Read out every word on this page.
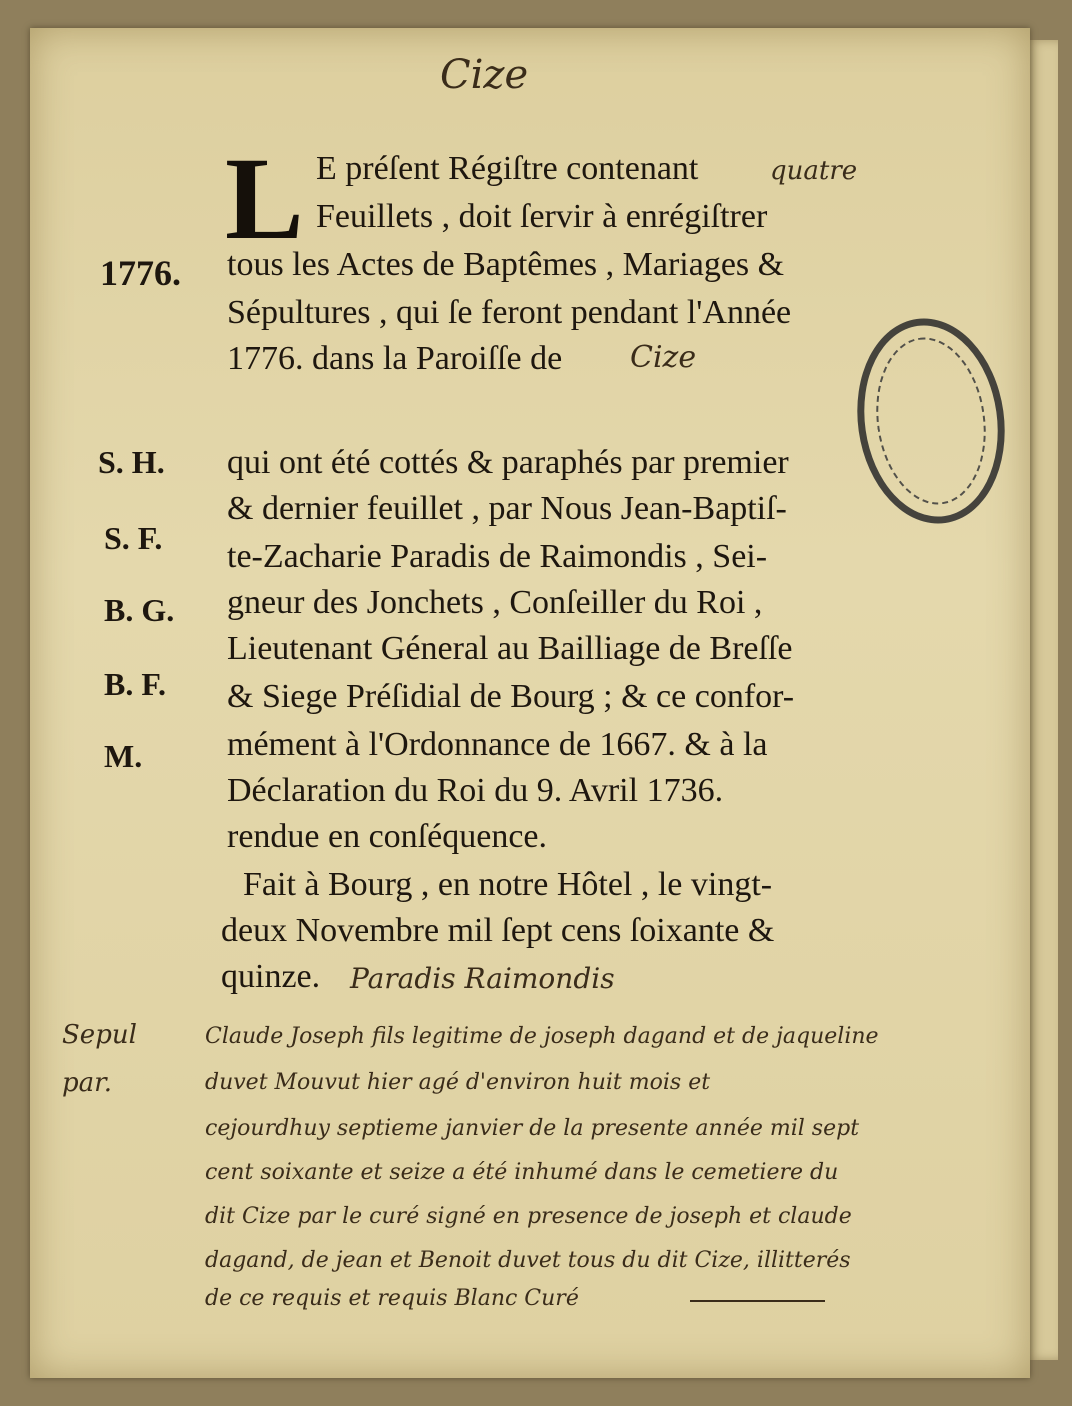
Cize
1776.
L E préſent Régiſtre contenant	quatre
Feuillets , doit ſervir à enrégiſtrer
tous les Actes de Baptêmes , Mariages &
Sépultures , qui ſe feront pendant l'Année
1776. dans la Paroiſſe de Cize
S. H.
S. F.
B. G.
B. F.
M.
qui ont été cottés & paraphés par premier
& dernier feuillet , par Nous Jean-Baptiſ-
te-Zacharie Paradis de Raimondis , Sei-
gneur des Jonchets , Conſeiller du Roi ,
Lieutenant Géneral au Bailliage de Breſſe
& Siege Préſidial de Bourg ; & ce confor-
mément à l'Ordonnance de 1667. & à la
Déclaration du Roi du 9. Avril 1736.
rendue en conſéquence.
Fait à Bourg , en notre Hôtel , le vingt-
deux Novembre mil ſept cens ſoixante &
quinze. Paradis Raimondis
Sepul
par.
Claude Joseph fils legitime de joseph dagand et de jaqueline
duvet Mouvut hier agé d'environ huit mois et
cejourdhuy septieme janvier de la presente année mil sept
cent soixante et seize a été inhumé dans le cemetiere du
dit Cize par le curé signé en presence de joseph et claude
dagand, de jean et Benoit duvet tous du dit Cize, illitterés
de ce requis et requis Blanc Curé
